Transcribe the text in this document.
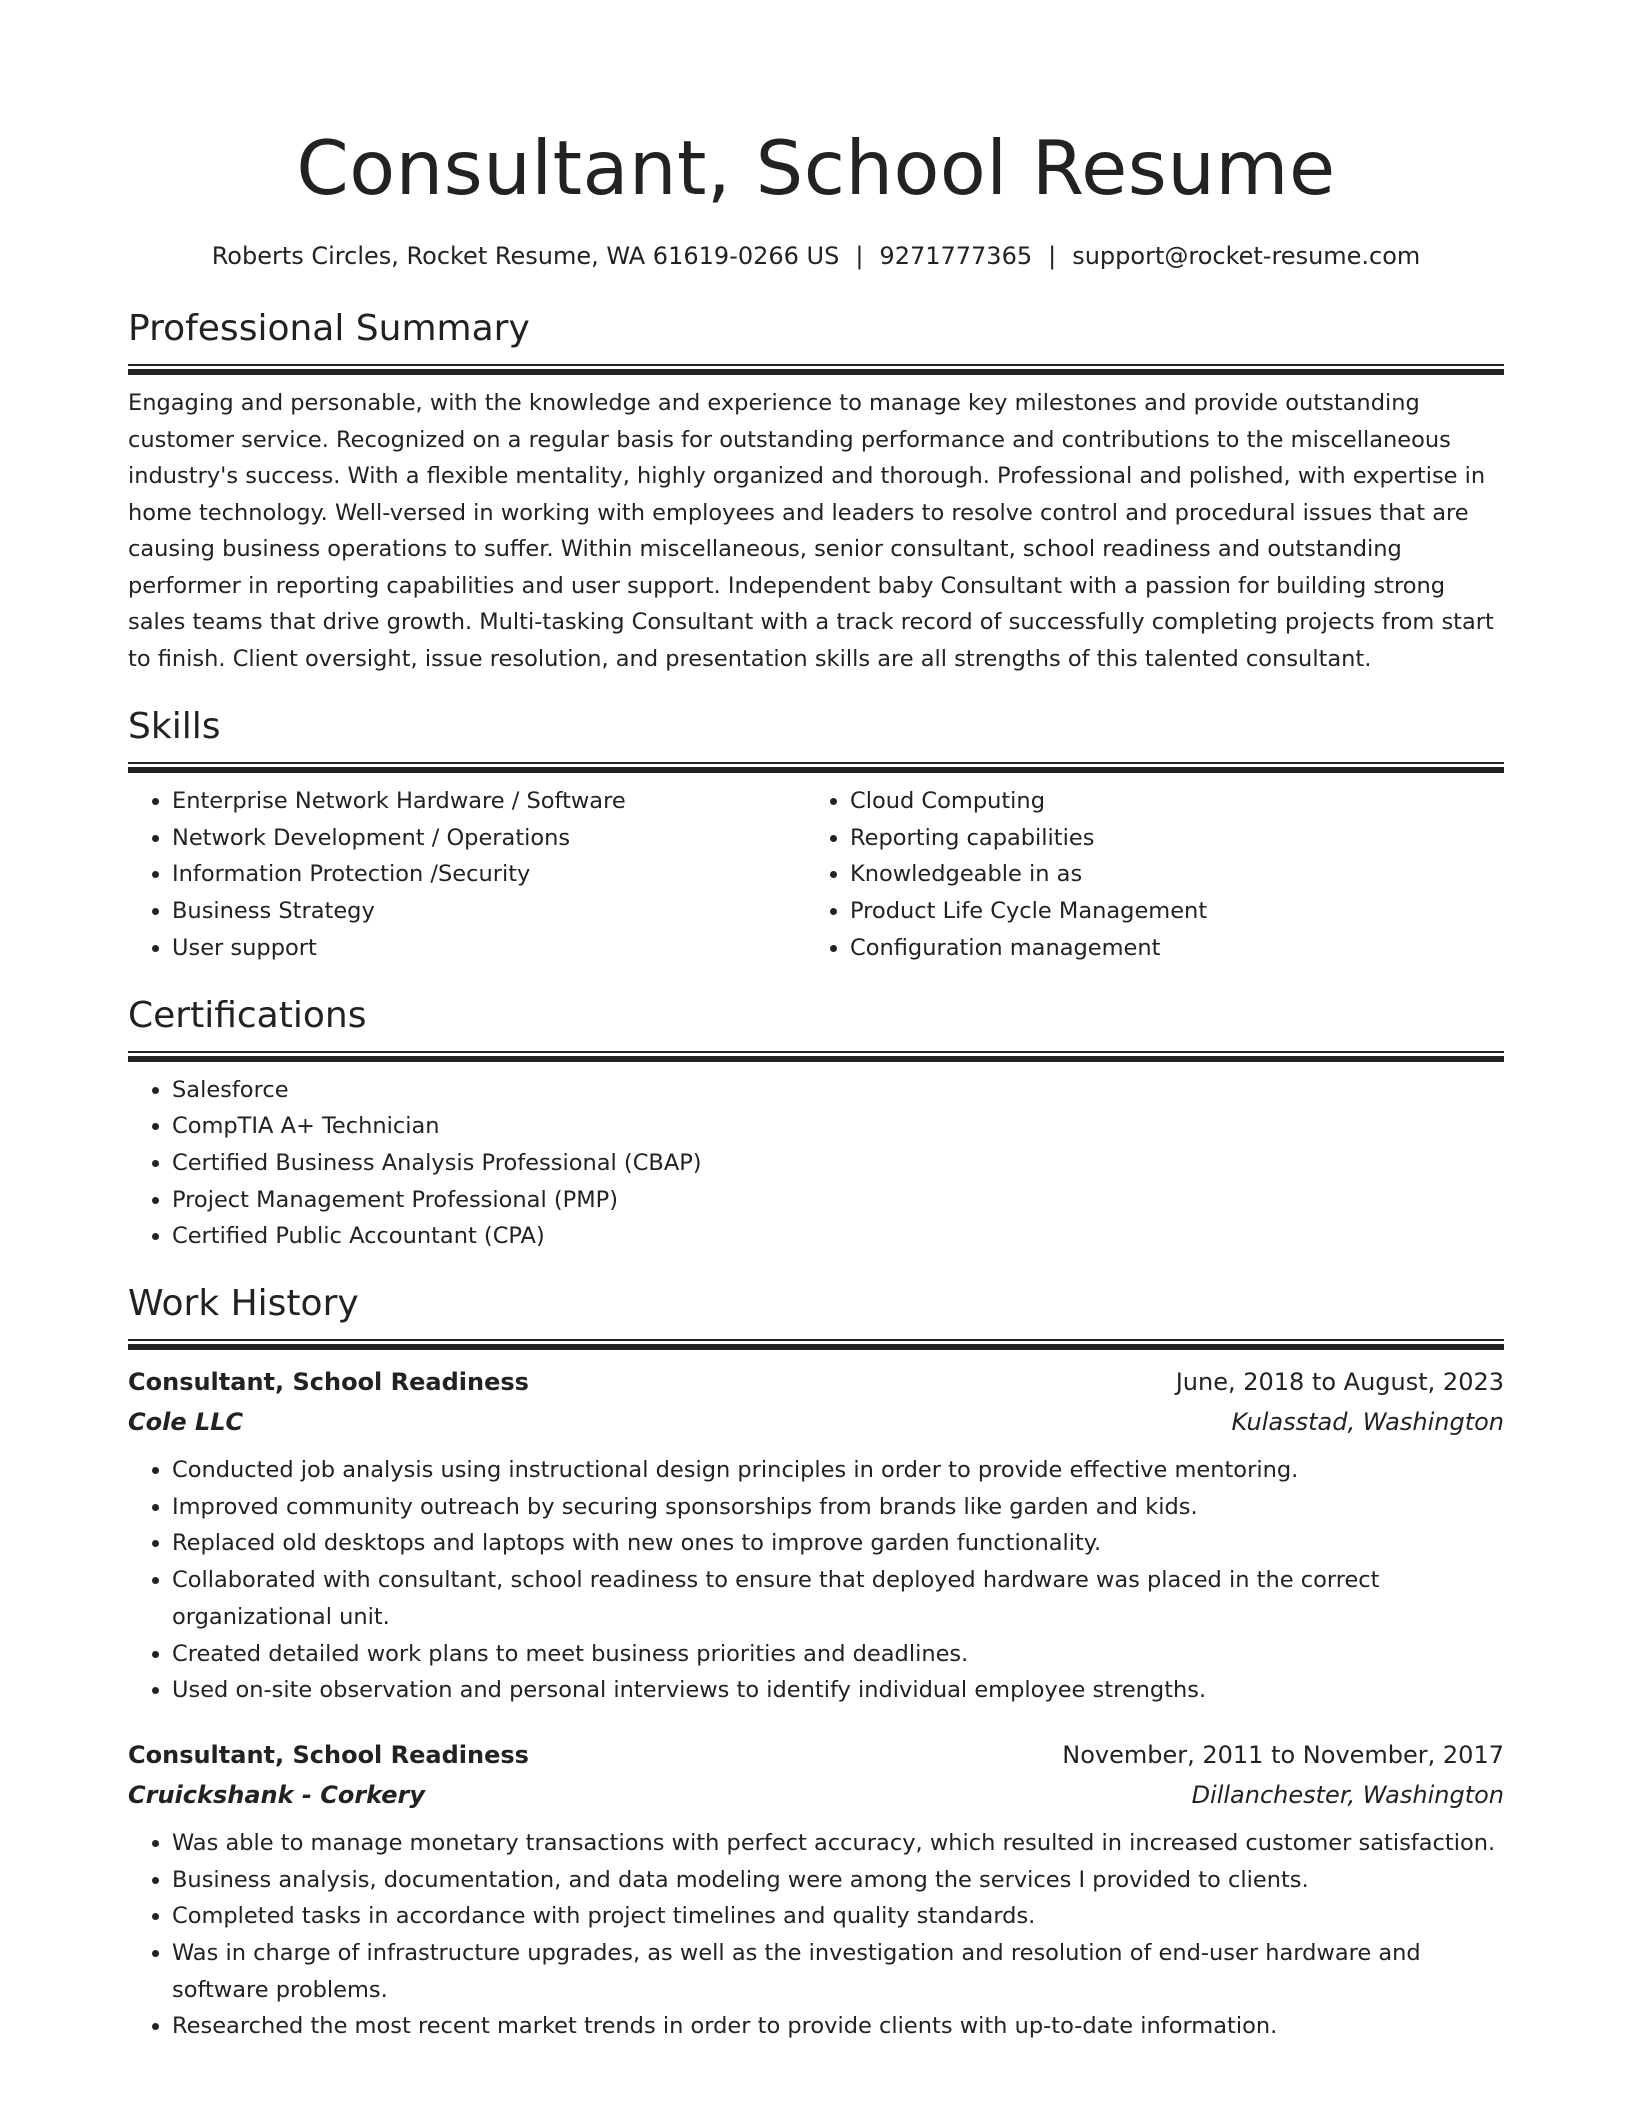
Consultant, School Resume
Roberts Circles, Rocket Resume, WA 61619-0266 US | 9271777365 | support@rocket-resume.com
Professional Summary
Engaging and personable, with the knowledge and experience to manage key milestones and provide outstanding customer service. Recognized on a regular basis for outstanding performance and contributions to the miscellaneous industry's success. With a flexible mentality, highly organized and thorough. Professional and polished, with expertise in home technology. Well-versed in working with employees and leaders to resolve control and procedural issues that are causing business operations to suffer. Within miscellaneous, senior consultant, school readiness and outstanding performer in reporting capabilities and user support. Independent baby Consultant with a passion for building strong sales teams that drive growth. Multi-tasking Consultant with a track record of successfully completing projects from start to finish. Client oversight, issue resolution, and presentation skills are all strengths of this talented consultant.
Skills
• Enterprise Network Hardware / Software
• Network Development / Operations
• Information Protection /Security
• Business Strategy
• User support
• Cloud Computing
• Reporting capabilities
• Knowledgeable in as
• Product Life Cycle Management
• Configuration management
Certifications
• Salesforce
• CompTIA A+ Technician
• Certified Business Analysis Professional (CBAP)
• Project Management Professional (PMP)
• Certified Public Accountant (CPA)
Work History
Consultant, School Readiness	June, 2018 to August, 2023
Cole LLC	Kulasstad, Washington
• Conducted job analysis using instructional design principles in order to provide effective mentoring.
• Improved community outreach by securing sponsorships from brands like garden and kids.
• Replaced old desktops and laptops with new ones to improve garden functionality.
• Collaborated with consultant, school readiness to ensure that deployed hardware was placed in the correct organizational unit.
• Created detailed work plans to meet business priorities and deadlines.
• Used on-site observation and personal interviews to identify individual employee strengths.
Consultant, School Readiness	November, 2011 to November, 2017
Cruickshank - Corkery	Dillanchester, Washington
• Was able to manage monetary transactions with perfect accuracy, which resulted in increased customer satisfaction.
• Business analysis, documentation, and data modeling were among the services I provided to clients.
• Completed tasks in accordance with project timelines and quality standards.
• Was in charge of infrastructure upgrades, as well as the investigation and resolution of end-user hardware and software problems.
• Researched the most recent market trends in order to provide clients with up-to-date information.
